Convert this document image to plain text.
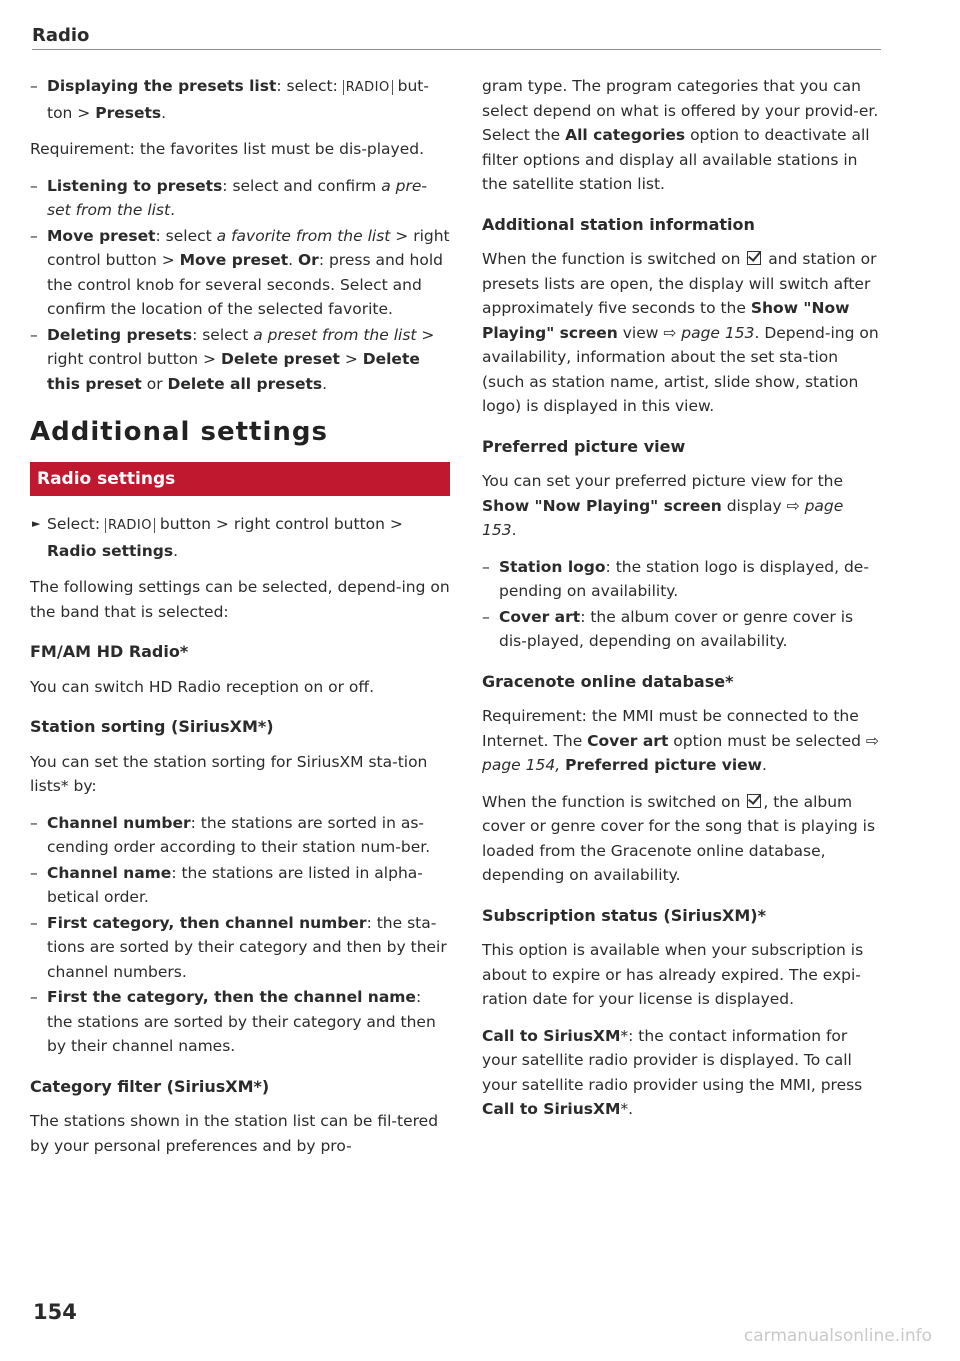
Radio
– Displaying the presets list: select: RADIO but-ton > Presets.

Requirement: the favorites list must be dis-played.

– Listening to presets: select and confirm a pre-set from the list.
– Move preset: select a favorite from the list > right control button > Move preset. Or: press and hold the control knob for several seconds. Select and confirm the location of the selected favorite.
– Deleting presets: select a preset from the list > right control button > Delete preset > Delete this preset or Delete all presets.
Additional settings
Radio settings
► Select: RADIO button > right control button > Radio settings.

The following settings can be selected, depend-ing on the band that is selected:

FM/AM HD Radio*

You can switch HD Radio reception on or off.

Station sorting (SiriusXM*)

You can set the station sorting for SiriusXM sta-tion lists* by:

– Channel number: the stations are sorted in as-cending order according to their station num-ber.
– Channel name: the stations are listed in alpha-betical order.
– First category, then channel number: the sta-tions are sorted by their category and then by their channel numbers.
– First the category, then the channel name: the stations are sorted by their category and then by their channel names.
Category filter (SiriusXM*)

The stations shown in the station list can be fil-tered by your personal preferences and by pro-

gram type. The program categories that you can select depend on what is offered by your provid-er. Select the All categories option to deactivate all filter options and display all available stations in the satellite station list.

Additional station information

When the function is switched on  and station or presets lists are open, the display will switch after approximately five seconds to the Show "Now Playing" screen view ⇨ page 153. Depend-ing on availability, information about the set sta-tion (such as station name, artist, slide show, station logo) is displayed in this view.

Preferred picture view

You can set your preferred picture view for the Show "Now Playing" screen display ⇨ page 153.

– Station logo: the station logo is displayed, de-pending on availability.
– Cover art: the album cover or genre cover is dis-played, depending on availability.
Gracenote online database*

Requirement: the MMI must be connected to the Internet. The Cover art option must be selected ⇨ page 154, Preferred picture view.

When the function is switched on , the album cover or genre cover for the song that is playing is loaded from the Gracenote online database, depending on availability.

Subscription status (SiriusXM)*

This option is available when your subscription is about to expire or has already expired. The expi-ration date for your license is displayed.

Call to SiriusXM*: the contact information for your satellite radio provider is displayed. To call your satellite radio provider using the MMI, press Call to SiriusXM*.

154
carmanualsonline.info
